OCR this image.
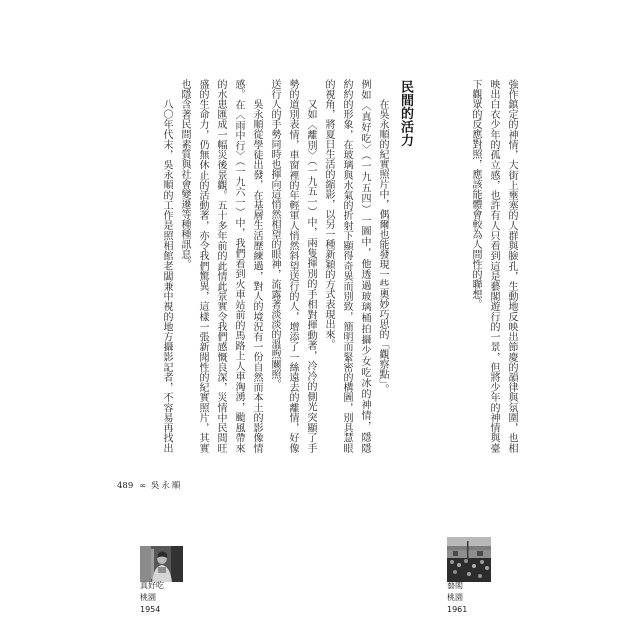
強作鎮定的神情，大街上壅塞的人群與臉孔，生動地反映出節慶的韻律與氛圍，也相

映出白衣少年的孤立感，也許有人只看到這是藝閣遊行的一景，但將少年的神情與臺

下觀眾的反應對照，應該能體會較為人間性的聯想。

民間的活力

在吳永順的紀實照片中，偶爾也能發現一些奧妙巧思的「觀察點」。

例如〈真好吃〉（一九五四）一圖中，他透過玻璃桶拍攝少女吃冰的神情，隱隱

約約的形象，在玻璃與水氣的折射下顯得奇異而別致，簡明而緊密的構圖，別具慧眼

的視角，將夏日生活的縮影，以另一種新穎的方式表現出來。

又如〈離別〉（一九五一）中，兩隻揮別的手相對揮動著，冷冷的側光突顯了手

勢的道別表情，車窗裡的年輕軍人悄然斜望送行的人，增添了一絲遠去的離情，好像

送行人的手勢同時也揮向這悄然相望的眼神，流露著淡淡的溫煦關照。

吳永順從學徒出發，在基層生活歷練過，對人的境況有一份自然而本土的影像情

感。在〈雨中行〉（一九六一）中，我們看到火車站前的馬路上人車洶湧，颱風帶來

的水患匯成一幅災後景觀。五十多年前的此情此景實令我們感慨良深，災情中民間旺

盛的生命力，仍無休止的活動著，亦令我們驚異，這樣一張新聞性的紀實照片，其實

也隱含著民間素質與社會變遷等種種訊息。

八〇年代末，吳永順的工作是照相館老闆兼中視的地方攝影記者，不容易再找出

489 ∞ 吳永順
真好吃
桃園
1954
藝閣
桃園
1961
